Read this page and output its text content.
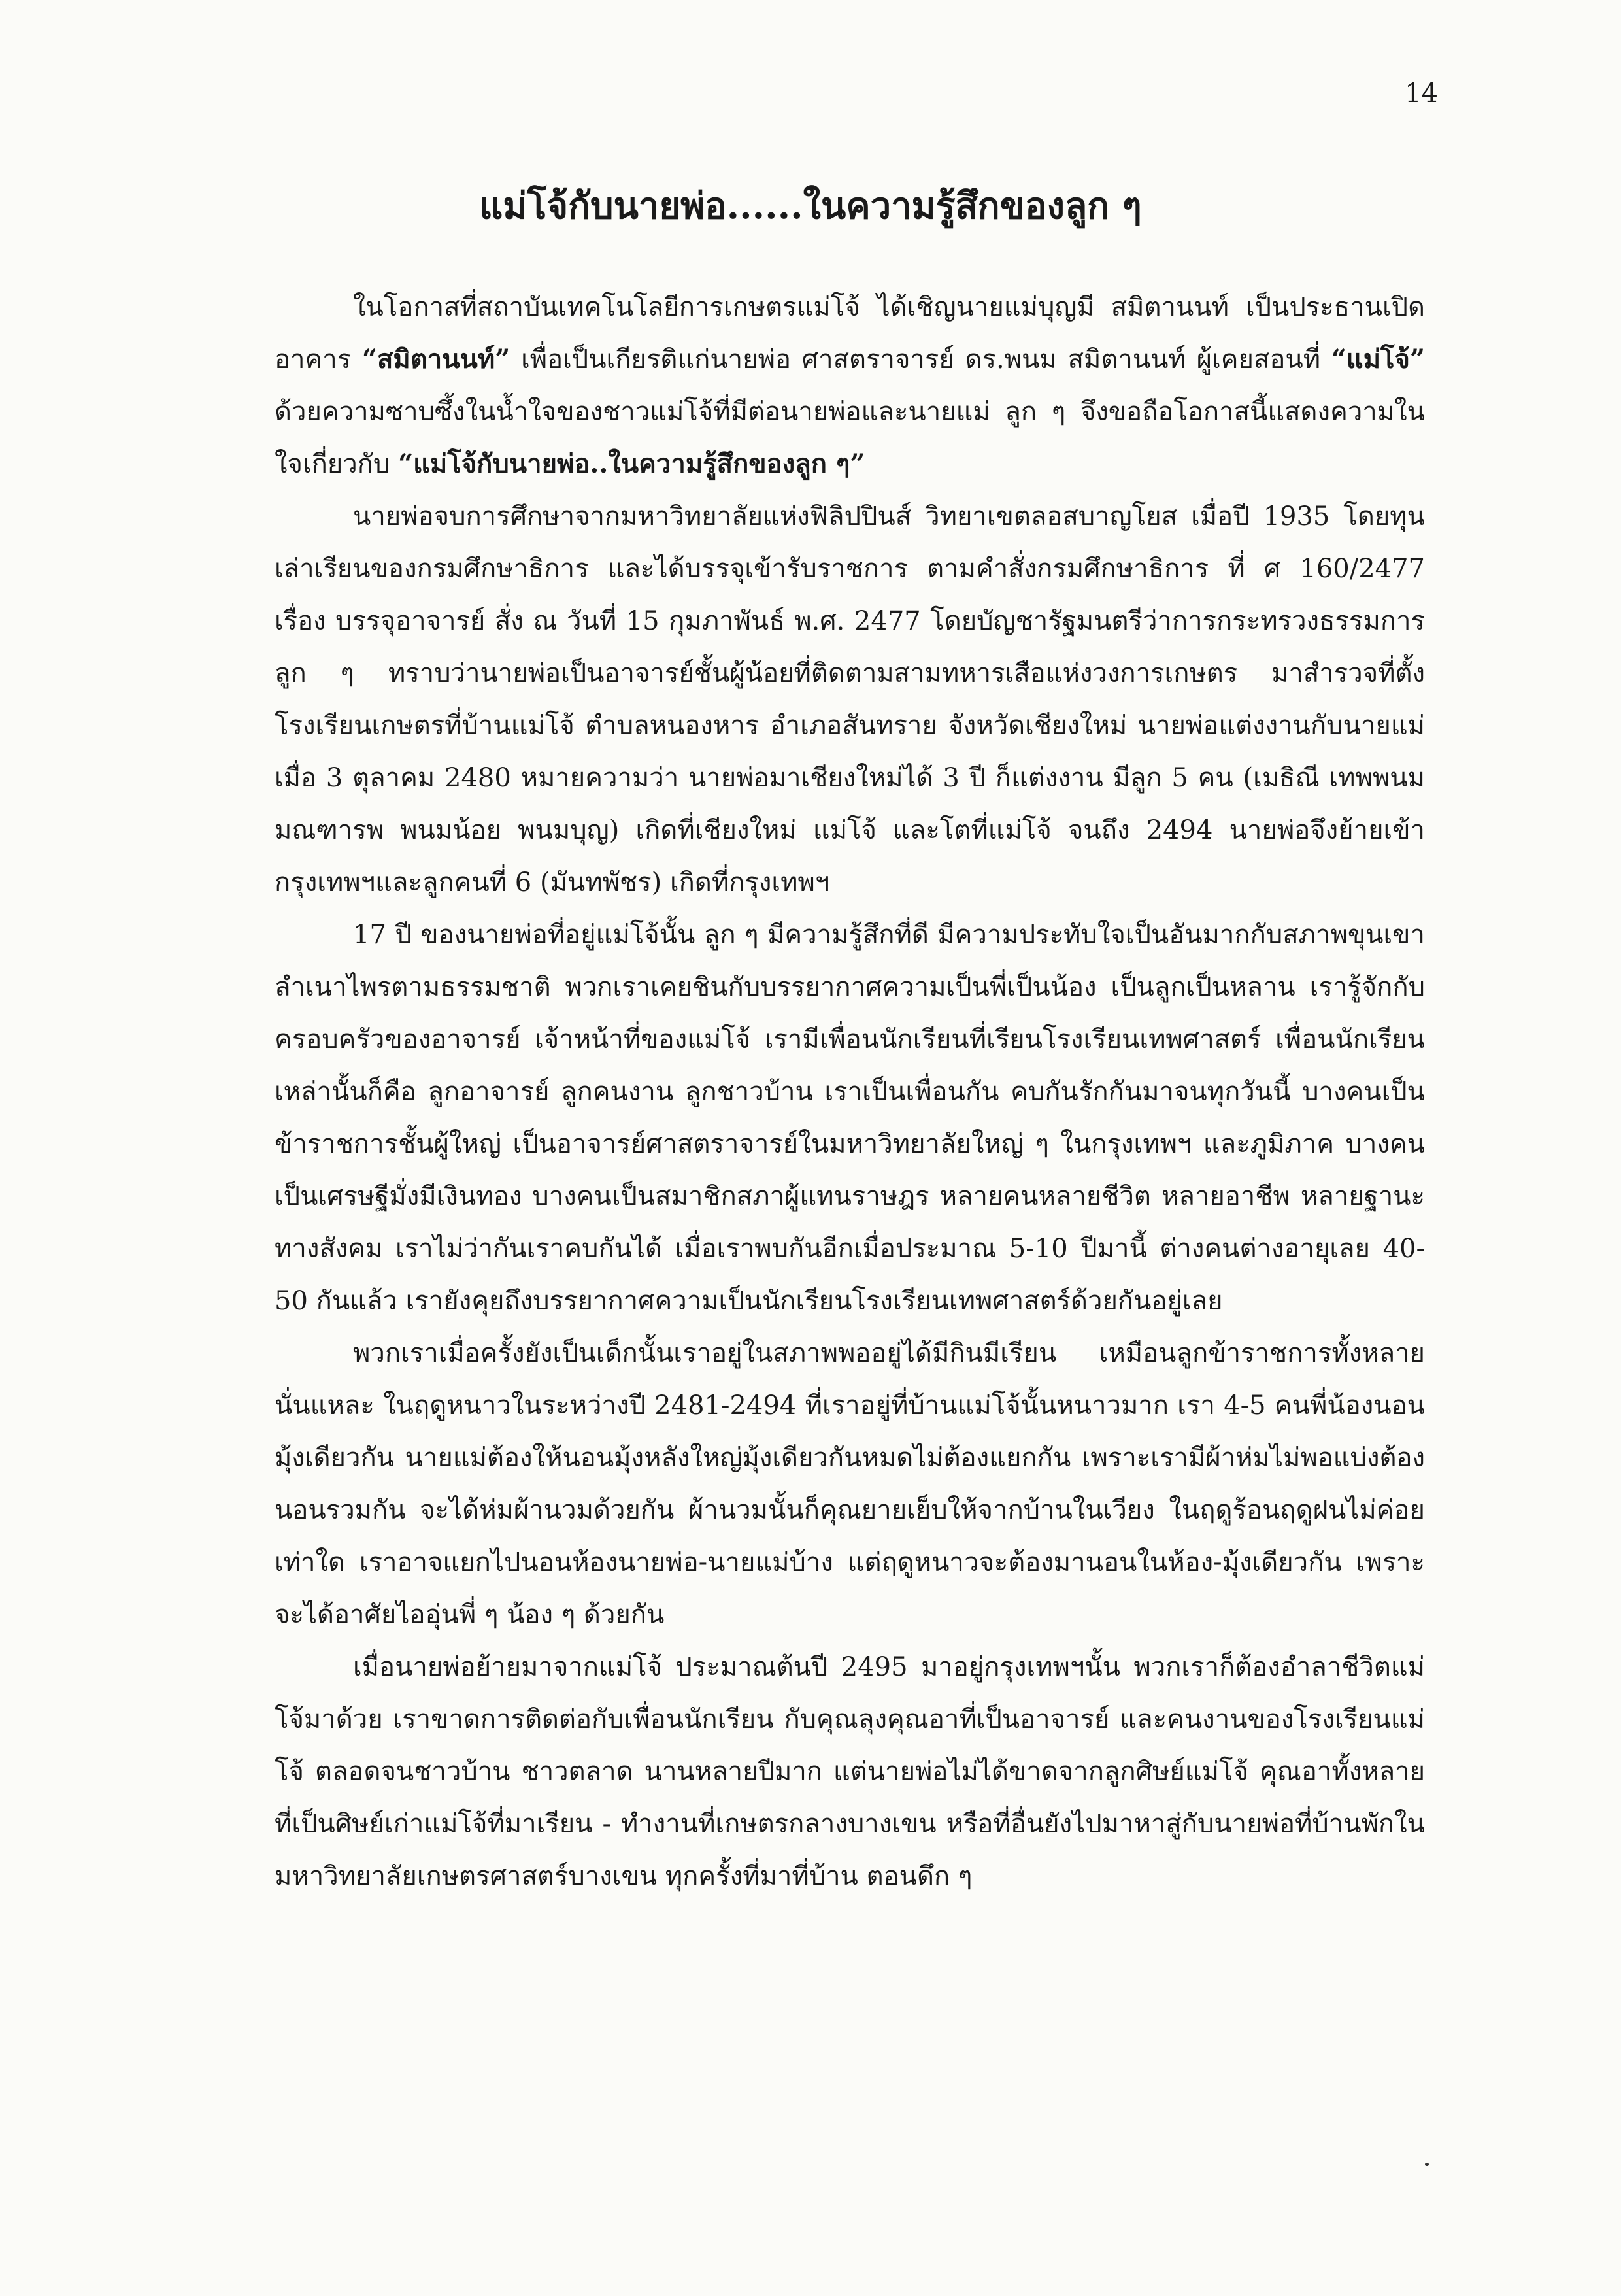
14
แม่โจ้กับนายพ่อ......ในความรู้สึกของลูก ๆ

ในโอกาสที่สถาบันเทคโนโลยีการเกษตรแม่โจ้ ได้เชิญนายแม่บุญมี สมิตานนท์ เป็นประธานเปิดอาคาร “สมิตานนท์” เพื่อเป็นเกียรติแก่นายพ่อ ศาสตราจารย์ ดร.พนม สมิตานนท์ ผู้เคยสอนที่ “แม่โจ้” ด้วยความซาบซึ้งในน้ำใจของชาวแม่โจ้ที่มีต่อนายพ่อและนายแม่ ลูก ๆ จึงขอถือโอกาสนี้แสดงความในใจเกี่ยวกับ “แม่โจ้กับนายพ่อ..ในความรู้สึกของลูก ๆ”

นายพ่อจบการศึกษาจากมหาวิทยาลัยแห่งฟิลิปปินส์ วิทยาเขตลอสบาญโยส เมื่อปี 1935 โดยทุนเล่าเรียนของกรมศึกษาธิการ และได้บรรจุเข้ารับราชการ ตามคำสั่งกรมศึกษาธิการ ที่ ศ 160/2477 เรื่อง บรรจุอาจารย์ สั่ง ณ วันที่ 15 กุมภาพันธ์ พ.ศ. 2477 โดยบัญชารัฐมนตรีว่าการกระทรวงธรรมการ ลูก ๆ ทราบว่านายพ่อเป็นอาจารย์ชั้นผู้น้อยที่ติดตามสามทหารเสือแห่งวงการเกษตร มาสำรวจที่ตั้งโรงเรียนเกษตรที่บ้านแม่โจ้ ตำบลหนองหาร อำเภอสันทราย จังหวัดเชียงใหม่ นายพ่อแต่งงานกับนายแม่เมื่อ 3 ตุลาคม 2480 หมายความว่า นายพ่อมาเชียงใหม่ได้ 3 ปี ก็แต่งงาน มีลูก 5 คน (เมธิณี เทพพนม มณฑารพ พนมน้อย พนมบุญ) เกิดที่เชียงใหม่ แม่โจ้ และโตที่แม่โจ้ จนถึง 2494 นายพ่อจึงย้ายเข้ากรุงเทพฯและลูกคนที่ 6 (มันทพัชร) เกิดที่กรุงเทพฯ

17 ปี ของนายพ่อที่อยู่แม่โจ้นั้น ลูก ๆ มีความรู้สึกที่ดี มีความประทับใจเป็นอันมากกับสภาพขุนเขาลำเนาไพรตามธรรมชาติ พวกเราเคยชินกับบรรยากาศความเป็นพี่เป็นน้อง เป็นลูกเป็นหลาน เรารู้จักกับครอบครัวของอาจารย์ เจ้าหน้าที่ของแม่โจ้ เรามีเพื่อนนักเรียนที่เรียนโรงเรียนเทพศาสตร์ เพื่อนนักเรียนเหล่านั้นก็คือ ลูกอาจารย์ ลูกคนงาน ลูกชาวบ้าน เราเป็นเพื่อนกัน คบกันรักกันมาจนทุกวันนี้ บางคนเป็นข้าราชการชั้นผู้ใหญ่ เป็นอาจารย์ศาสตราจารย์ในมหาวิทยาลัยใหญ่ ๆ ในกรุงเทพฯ และภูมิภาค บางคนเป็นเศรษฐีมั่งมีเงินทอง บางคนเป็นสมาชิกสภาผู้แทนราษฎร หลายคนหลายชีวิต หลายอาชีพ หลายฐานะทางสังคม เราไม่ว่ากันเราคบกันได้ เมื่อเราพบกันอีกเมื่อประมาณ 5-10 ปีมานี้ ต่างคนต่างอายุเลย 40-50 กันแล้ว เรายังคุยถึงบรรยากาศความเป็นนักเรียนโรงเรียนเทพศาสตร์ด้วยกันอยู่เลย

พวกเราเมื่อครั้งยังเป็นเด็กนั้นเราอยู่ในสภาพพออยู่ได้มีกินมีเรียน เหมือนลูกข้าราชการทั้งหลายนั่นแหละ ในฤดูหนาวในระหว่างปี 2481-2494 ที่เราอยู่ที่บ้านแม่โจ้นั้นหนาวมาก เรา 4-5 คนพี่น้องนอนมุ้งเดียวกัน นายแม่ต้องให้นอนมุ้งหลังใหญ่มุ้งเดียวกันหมดไม่ต้องแยกกัน เพราะเรามีผ้าห่มไม่พอแบ่งต้องนอนรวมกัน จะได้ห่มผ้านวมด้วยกัน ผ้านวมนั้นก็คุณยายเย็บให้จากบ้านในเวียง ในฤดูร้อนฤดูฝนไม่ค่อยเท่าใด เราอาจแยกไปนอนห้องนายพ่อ-นายแม่บ้าง แต่ฤดูหนาวจะต้องมานอนในห้อง-มุ้งเดียวกัน เพราะจะได้อาศัยไออุ่นพี่ ๆ น้อง ๆ ด้วยกัน

เมื่อนายพ่อย้ายมาจากแม่โจ้ ประมาณต้นปี 2495 มาอยู่กรุงเทพฯนั้น พวกเราก็ต้องอำลาชีวิตแม่โจ้มาด้วย เราขาดการติดต่อกับเพื่อนนักเรียน กับคุณลุงคุณอาที่เป็นอาจารย์ และคนงานของโรงเรียนแม่โจ้ ตลอดจนชาวบ้าน ชาวตลาด นานหลายปีมาก แต่นายพ่อไม่ได้ขาดจากลูกศิษย์แม่โจ้ คุณอาทั้งหลายที่เป็นศิษย์เก่าแม่โจ้ที่มาเรียน - ทำงานที่เกษตรกลางบางเขน หรือที่อื่นยังไปมาหาสู่กับนายพ่อที่บ้านพักในมหาวิทยาลัยเกษตรศาสตร์บางเขน ทุกครั้งที่มาที่บ้าน ตอนดึก ๆ
